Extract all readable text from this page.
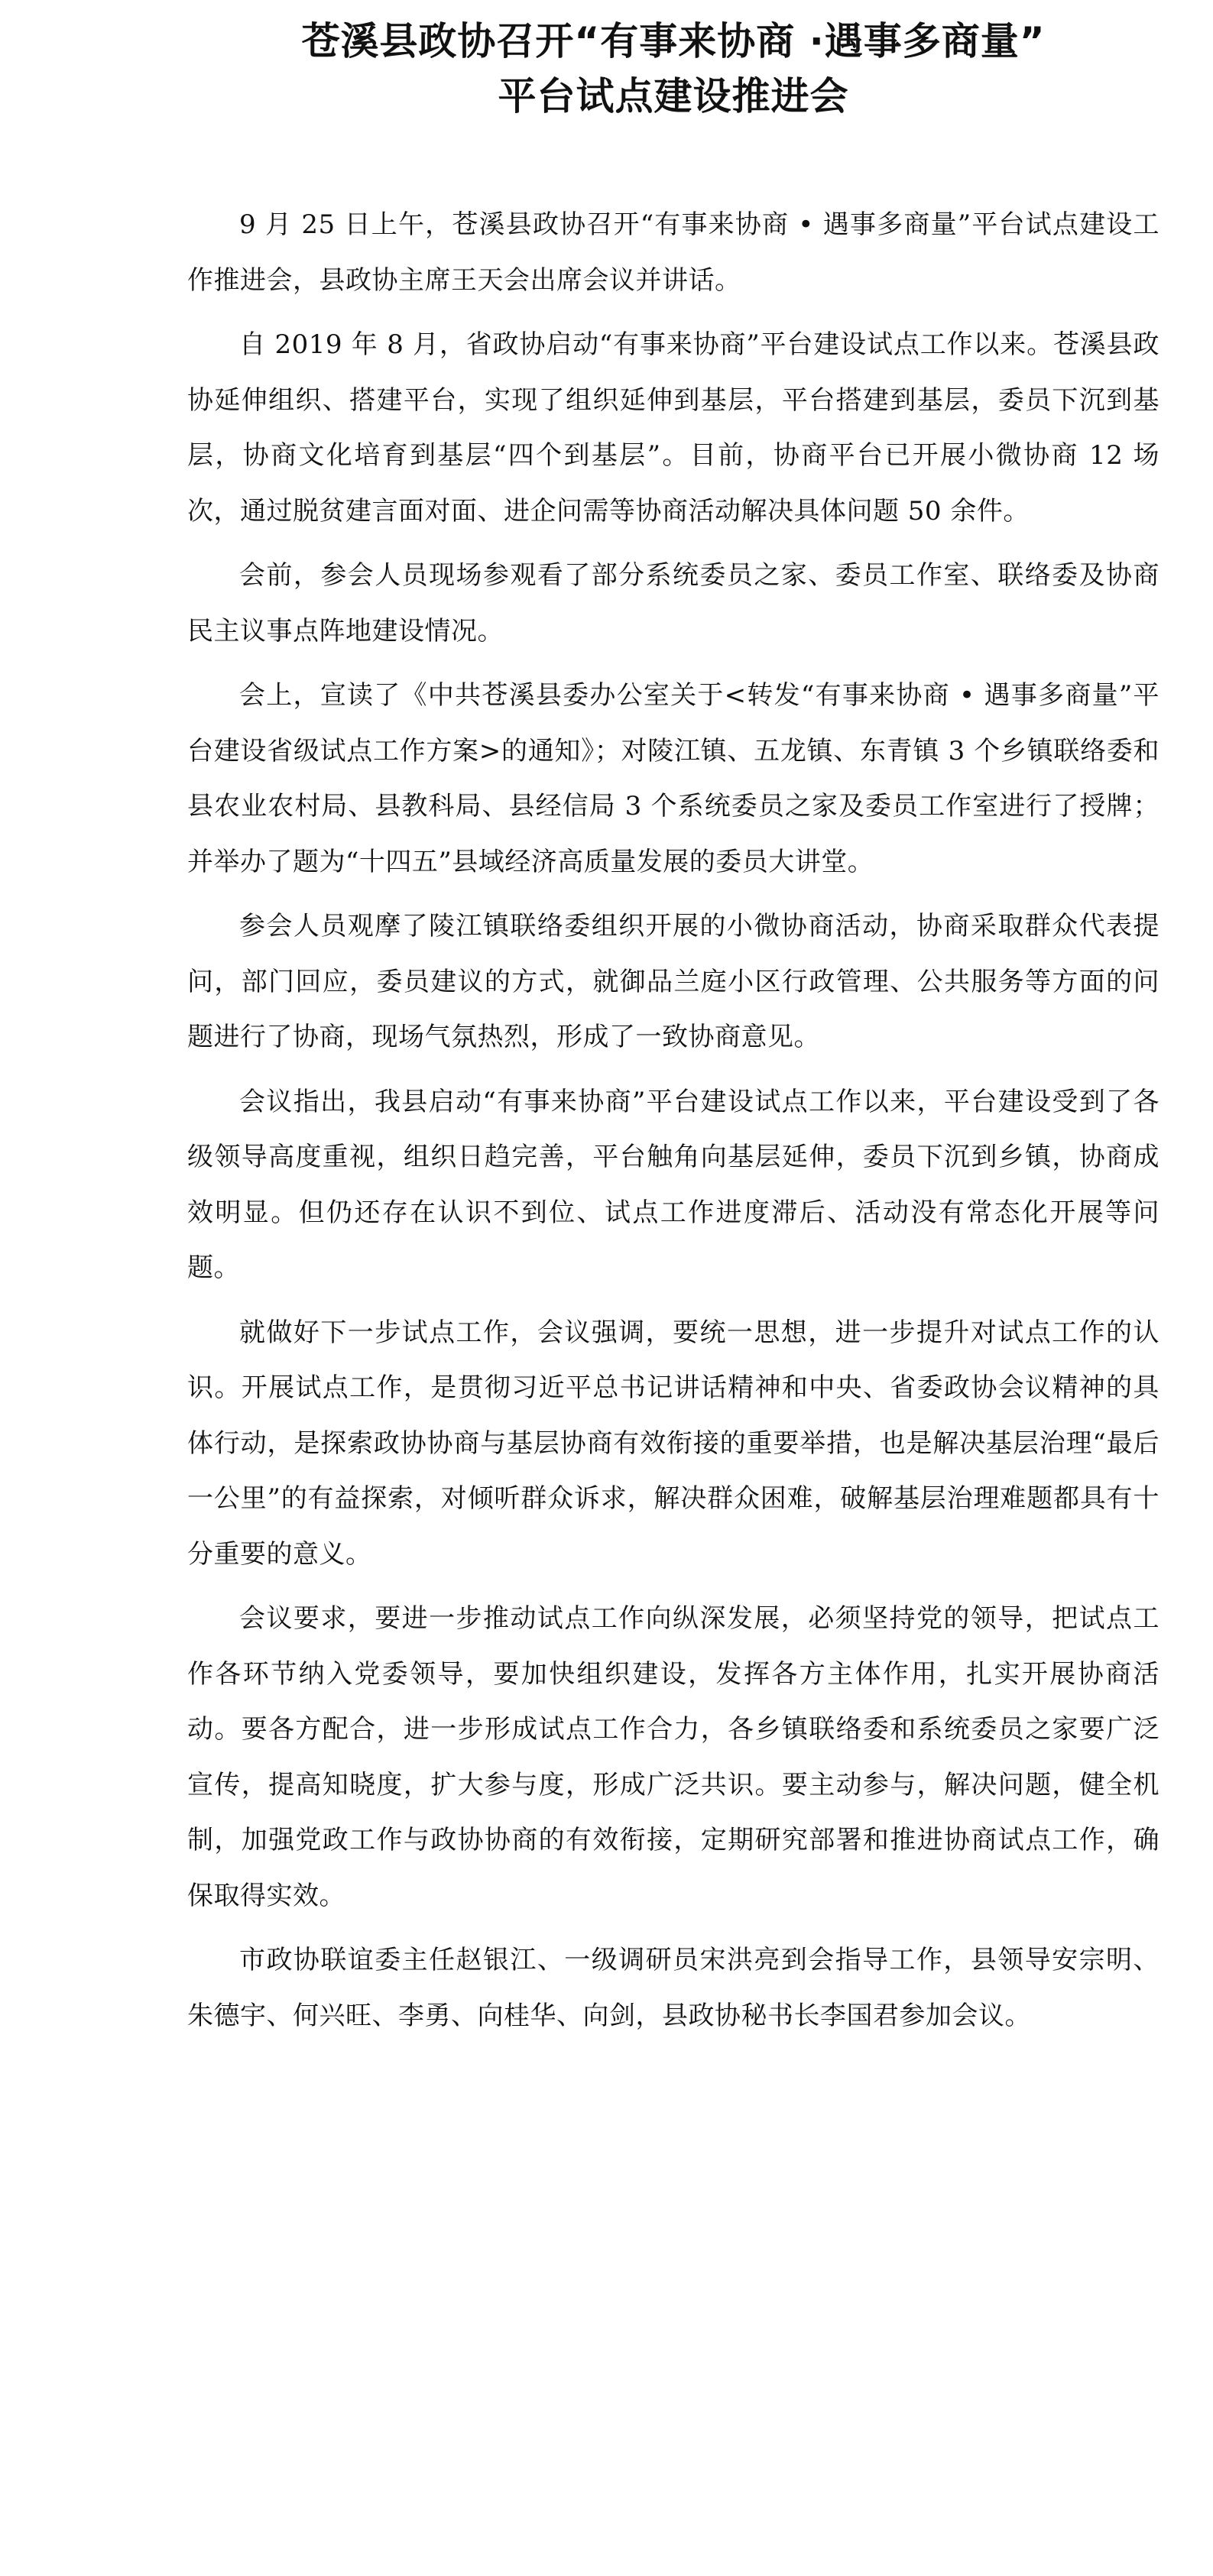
苍溪县政协召开“有事来协商 ·遇事多商量”
平台试点建设推进会

9 月 25 日上午，苍溪县政协召开“有事来协商 • 遇事多商量”平台试点建设工作推进会，县政协主席王天会出席会议并讲话。

自 2019 年 8 月，省政协启动“有事来协商”平台建设试点工作以来。苍溪县政协延伸组织、搭建平台，实现了组织延伸到基层，平台搭建到基层，委员下沉到基层，协商文化培育到基层“四个到基层”。目前，协商平台已开展小微协商 12 场次，通过脱贫建言面对面、进企问需等协商活动解决具体问题 50 余件。

会前，参会人员现场参观看了部分系统委员之家、委员工作室、联络委及协商民主议事点阵地建设情况。

会上，宣读了《中共苍溪县委办公室关于<转发“有事来协商 • 遇事多商量”平台建设省级试点工作方案>的通知》；对陵江镇、五龙镇、东青镇 3 个乡镇联络委和县农业农村局、县教科局、县经信局 3 个系统委员之家及委员工作室进行了授牌；并举办了题为“十四五”县域经济高质量发展的委员大讲堂。

参会人员观摩了陵江镇联络委组织开展的小微协商活动，协商采取群众代表提问，部门回应，委员建议的方式，就御品兰庭小区行政管理、公共服务等方面的问题进行了协商，现场气氛热烈，形成了一致协商意见。

会议指出，我县启动“有事来协商”平台建设试点工作以来，平台建设受到了各级领导高度重视，组织日趋完善，平台触角向基层延伸，委员下沉到乡镇，协商成效明显。但仍还存在认识不到位、试点工作进度滞后、活动没有常态化开展等问题。

就做好下一步试点工作，会议强调，要统一思想，进一步提升对试点工作的认识。开展试点工作，是贯彻习近平总书记讲话精神和中央、省委政协会议精神的具体行动，是探索政协协商与基层协商有效衔接的重要举措，也是解决基层治理“最后一公里”的有益探索，对倾听群众诉求，解决群众困难，破解基层治理难题都具有十分重要的意义。

会议要求，要进一步推动试点工作向纵深发展，必须坚持党的领导，把试点工作各环节纳入党委领导，要加快组织建设，发挥各方主体作用，扎实开展协商活动。要各方配合，进一步形成试点工作合力，各乡镇联络委和系统委员之家要广泛宣传，提高知晓度，扩大参与度，形成广泛共识。要主动参与，解决问题，健全机制，加强党政工作与政协协商的有效衔接，定期研究部署和推进协商试点工作，确保取得实效。

市政协联谊委主任赵银江、一级调研员宋洪亮到会指导工作，县领导安宗明、朱德宇、何兴旺、李勇、向桂华、向剑，县政协秘书长李国君参加会议。
